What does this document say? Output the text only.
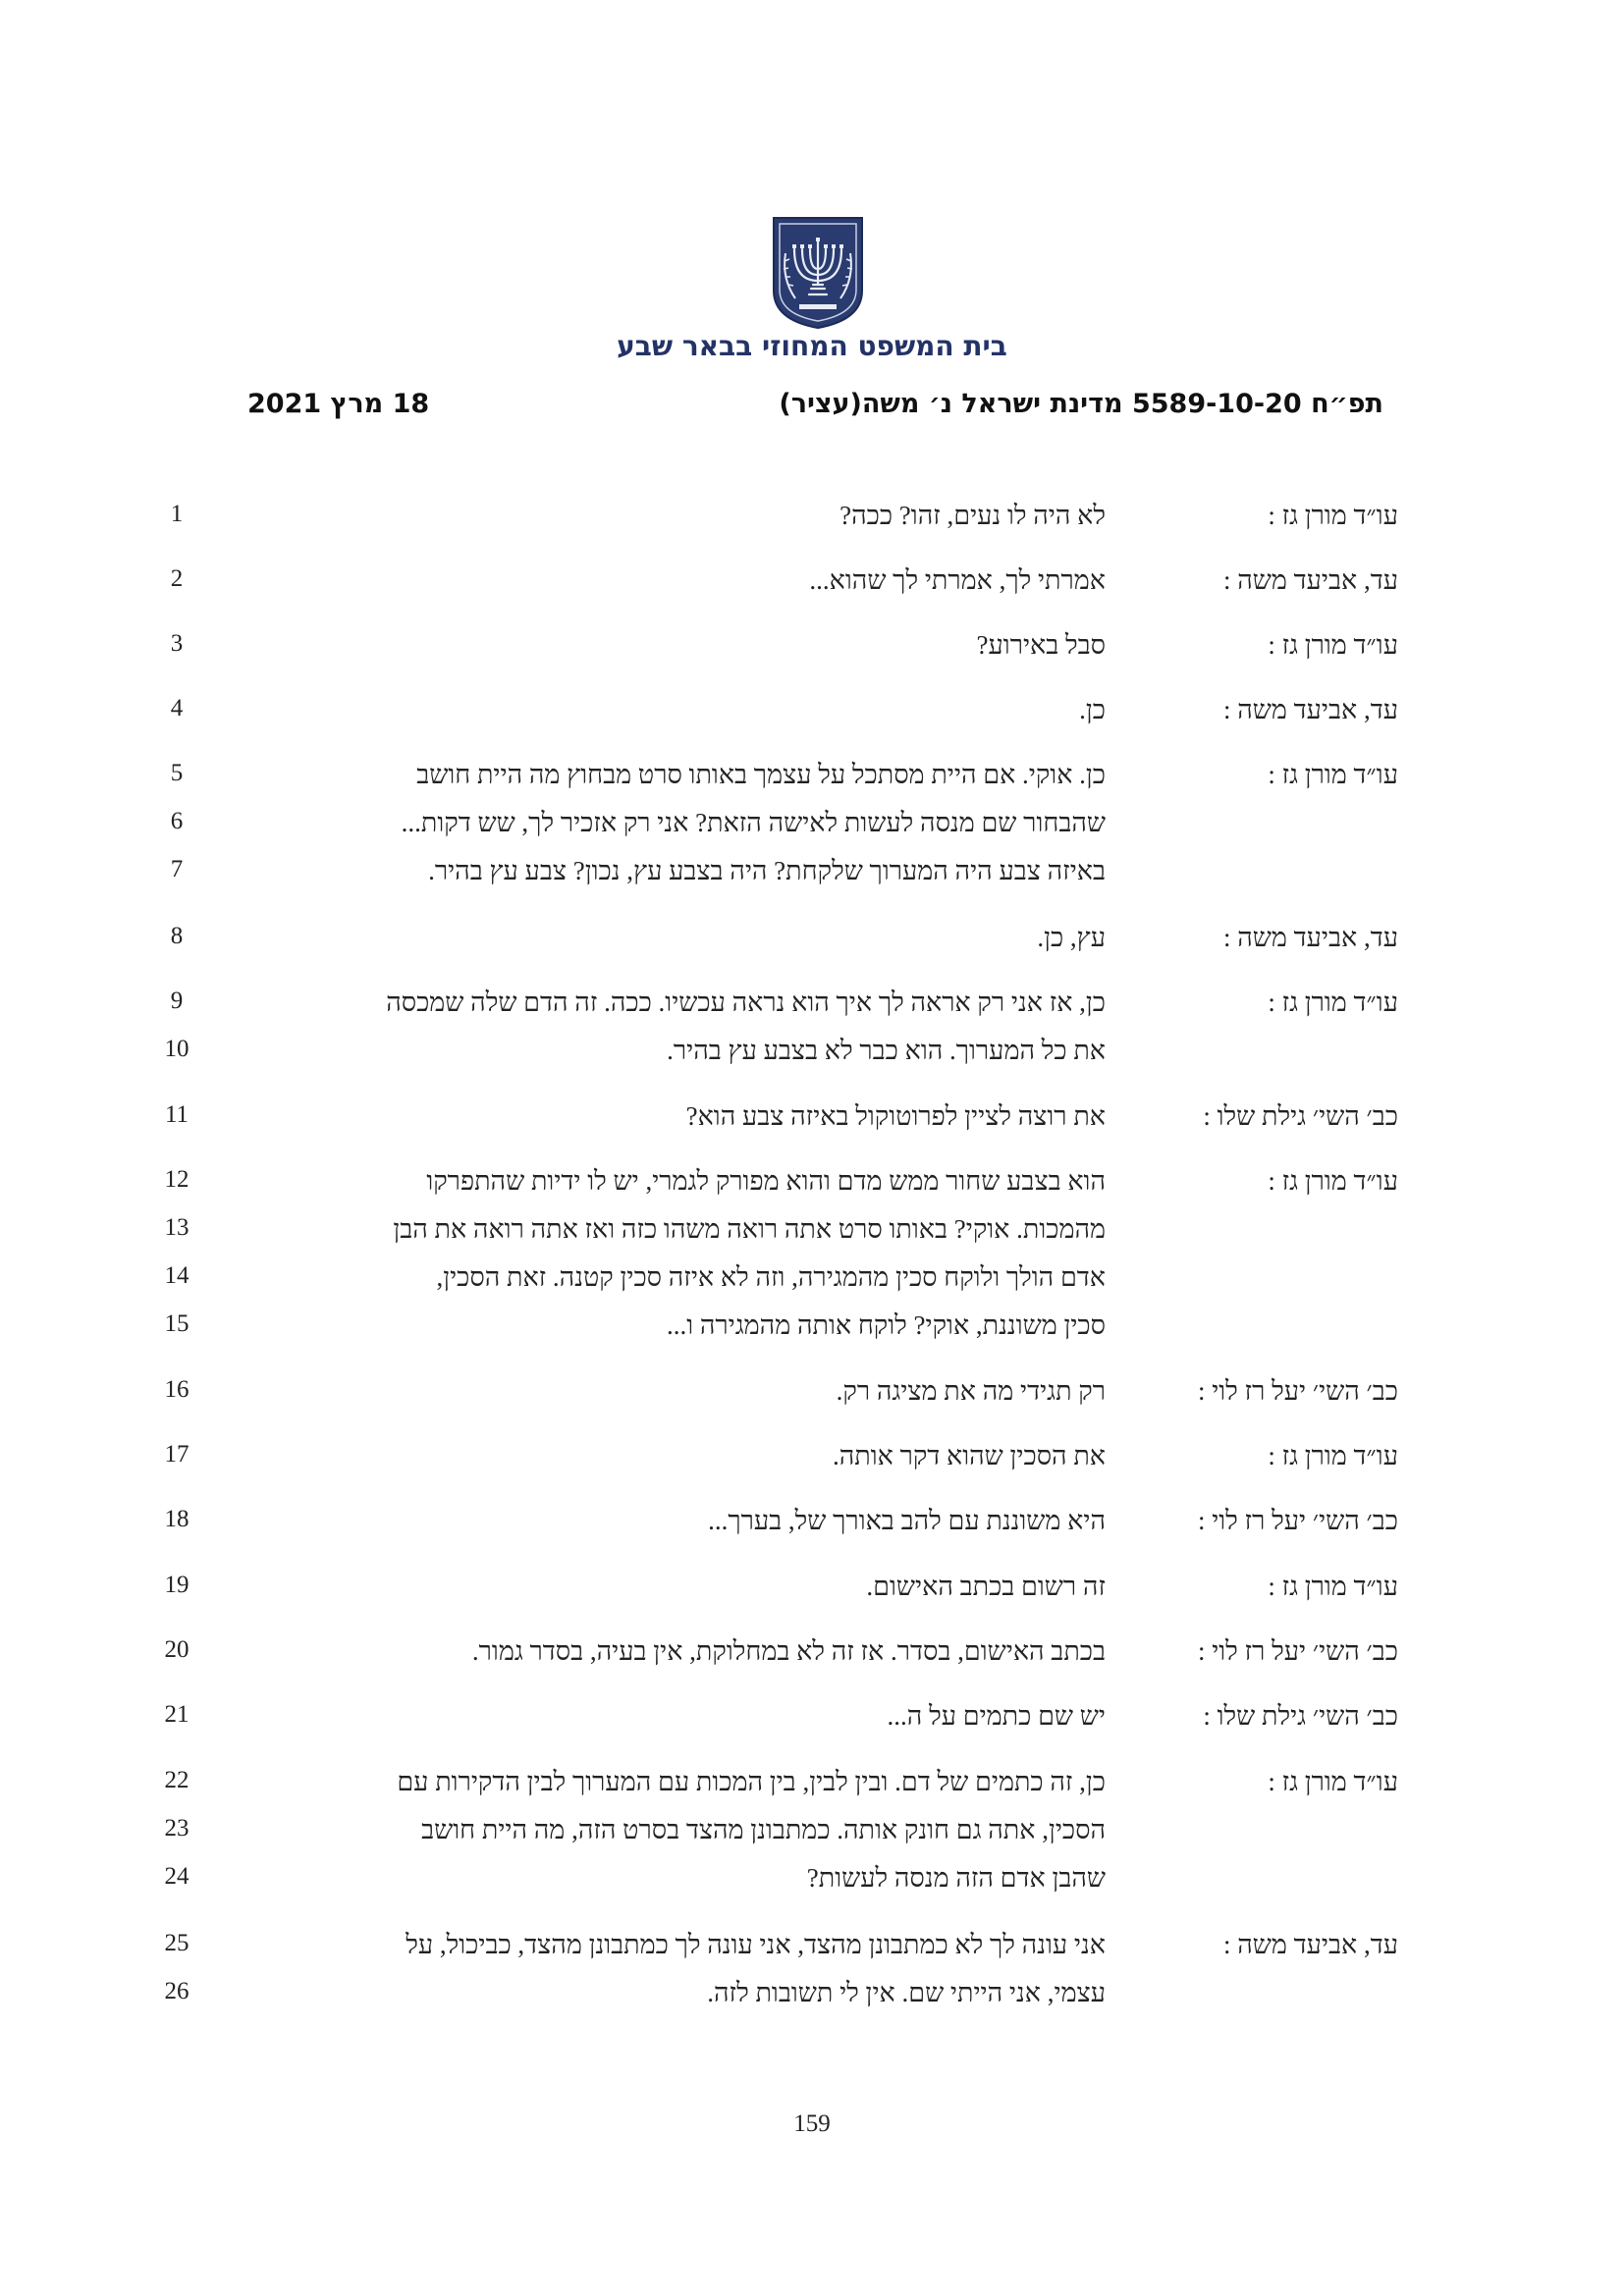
בית המשפט המחוזי בבאר שבע
תפ״ח 5589-10-20 מדינת ישראל נ׳ משה(עציר)
18 מרץ 2021
עו״ד מורן גז :
1	לא היה לו נעים, זהו? ככה?
עד, אביעד משה :
2	אמרתי לך, אמרתי לך שהוא...
עו״ד מורן גז :
3	סבל באירוע?
עד, אביעד משה :
4	כן.
עו״ד מורן גז :
5	כן. אוקי. אם היית מסתכל על עצמך באותו סרט מבחוץ מה היית חושב
6	שהבחור שם מנסה לעשות לאישה הזאת? אני רק אזכיר לך, שש דקות...
7	באיזה צבע היה המערוך שלקחת? היה בצבע עץ, נכון? צבע עץ בהיר.
עד, אביעד משה :
8	עץ, כן.
עו״ד מורן גז :
9	כן, אז אני רק אראה לך איך הוא נראה עכשיו. ככה. זה הדם שלה שמכסה
10	את כל המערוך. הוא כבר לא בצבע עץ בהיר.
כב׳ השי׳ גילת שלו :
11	את רוצה לציין לפרוטוקול באיזה צבע הוא?
עו״ד מורן גז :
12	הוא בצבע שחור ממש מדם והוא מפורק לגמרי, יש לו ידיות שהתפרקו
13	מהמכות. אוקי? באותו סרט אתה רואה משהו כזה ואז אתה רואה את הבן
14	אדם הולך ולוקח סכין מהמגירה, וזה לא איזה סכין קטנה. זאת הסכין,
15	סכין משוננת, אוקי? לוקח אותה מהמגירה ו...
כב׳ השי׳ יעל רז לוי :
16	רק תגידי מה את מציגה רק.
עו״ד מורן גז :
17	את הסכין שהוא דקר אותה.
כב׳ השי׳ יעל רז לוי :
18	היא משוננת עם להב באורך של, בערך...
עו״ד מורן גז :
19	זה רשום בכתב האישום.
כב׳ השי׳ יעל רז לוי :
20	בכתב האישום, בסדר. אז זה לא במחלוקת, אין בעיה, בסדר גמור.
כב׳ השי׳ גילת שלו :
21	יש שם כתמים על ה...
עו״ד מורן גז :
22	כן, זה כתמים של דם. ובין לבין, בין המכות עם המערוך לבין הדקירות עם
23	הסכין, אתה גם חונק אותה. כמתבונן מהצד בסרט הזה, מה היית חושב
24	שהבן אדם הזה מנסה לעשות?
עד, אביעד משה :
25	אני עונה לך לא כמתבונן מהצד, אני עונה לך כמתבונן מהצד, כביכול, על
26	עצמי, אני הייתי שם. אין לי תשובות לזה.
159
